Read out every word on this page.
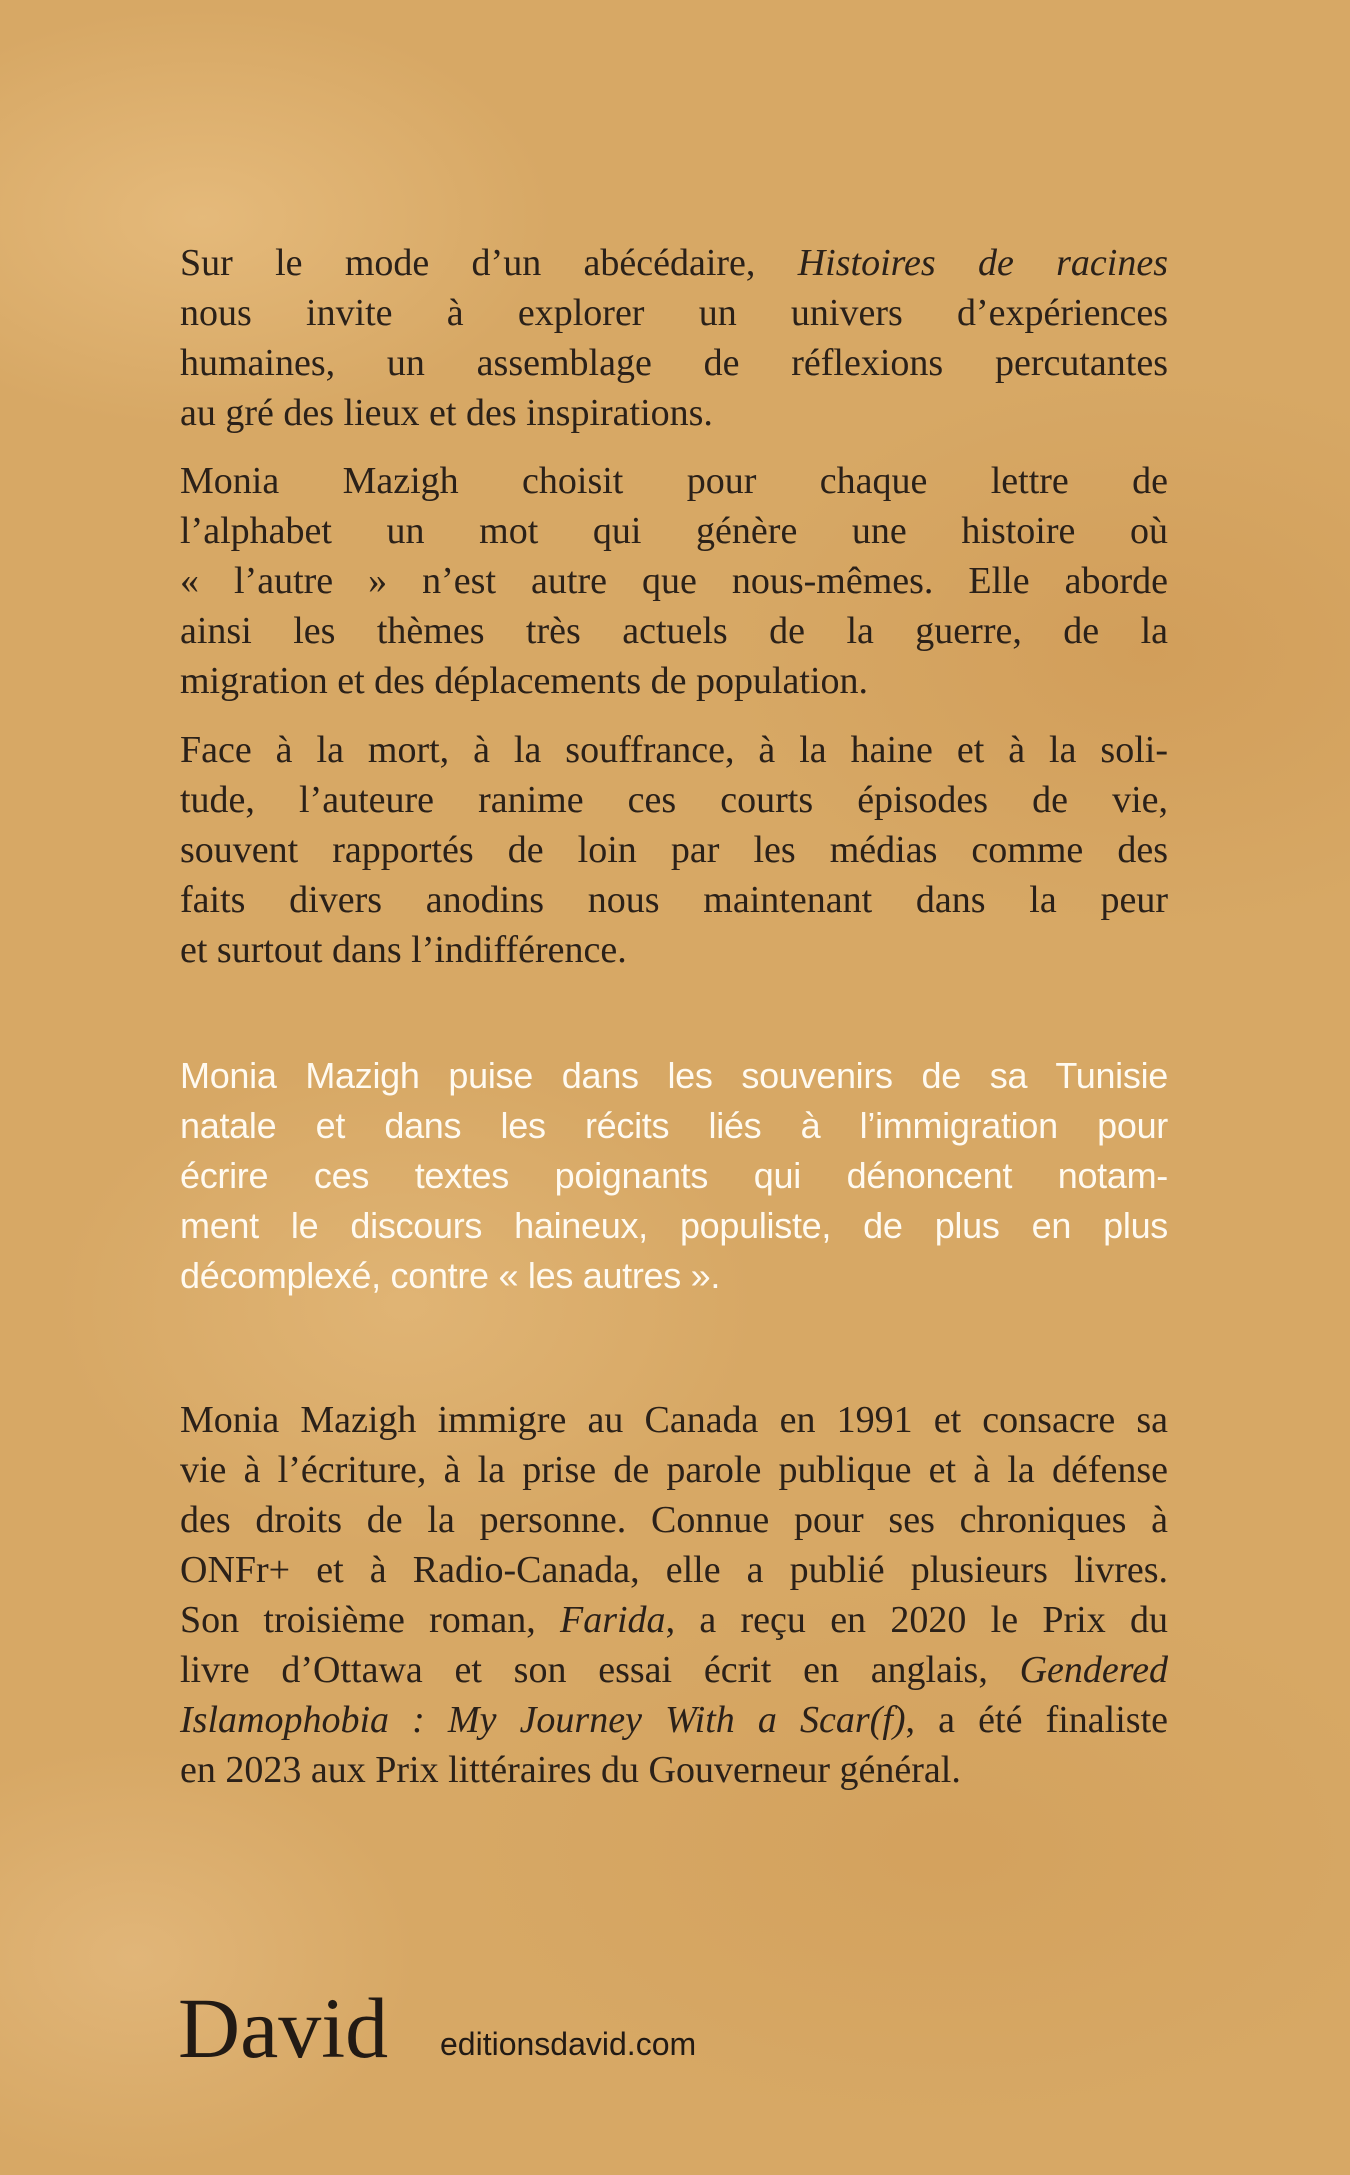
Sur le mode d’un abécédaire, Histoires de racines
nous invite à explorer un univers d’expériences
humaines, un assemblage de réflexions percutantes
au gré des lieux et des inspirations.
Monia Mazigh choisit pour chaque lettre de
l’alphabet un mot qui génère une histoire où
« l’autre » n’est autre que nous-mêmes. Elle aborde
ainsi les thèmes très actuels de la guerre, de la
migration et des déplacements de population.
Face à la mort, à la souffrance, à la haine et à la soli-
tude, l’auteure ranime ces courts épisodes de vie,
souvent rapportés de loin par les médias comme des
faits divers anodins nous maintenant dans la peur
et surtout dans l’indifférence.
Monia Mazigh puise dans les souvenirs de sa Tunisie
natale et dans les récits liés à l’immigration pour
écrire ces textes poignants qui dénoncent notam-
ment le discours haineux, populiste, de plus en plus
décomplexé, contre « les autres ».
Monia Mazigh immigre au Canada en 1991 et consacre sa
vie à l’écriture, à la prise de parole publique et à la défense
des droits de la personne. Connue pour ses chroniques à
ONFr+ et à Radio-Canada, elle a publié plusieurs livres.
Son troisième roman, Farida, a reçu en 2020 le Prix du
livre d’Ottawa et son essai écrit en anglais, Gendered
Islamophobia : My Journey With a Scar(f), a été finaliste
en 2023 aux Prix littéraires du Gouverneur général.
David editionsdavid.com
